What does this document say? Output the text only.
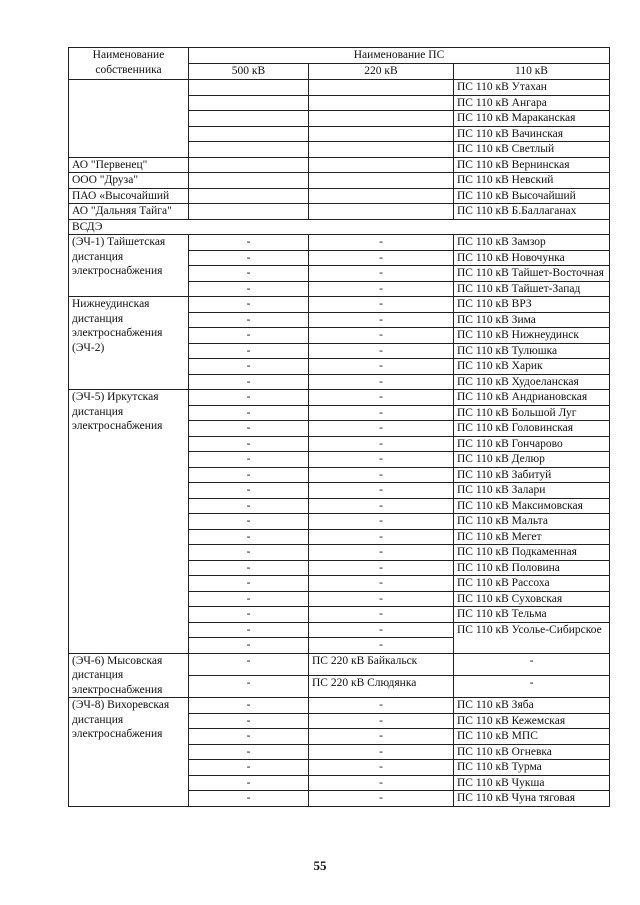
Наименование собственника	Наименование ПС		
	500 кВ	220 кВ	110 кВ
			ПС 110 кВ Утахан
			ПС 110 кВ Ангара
			ПС 110 кВ Мараканская
			ПС 110 кВ Вачинская
			ПС 110 кВ Светлый
АО "Первенец"			ПС 110 кВ Вернинская
ООО "Друза"			ПС 110 кВ Невский
ПАО «Высочайший			ПС 110 кВ Высочайший
АО "Дальняя Тайга"			ПС 110 кВ Б.Баллаганах
ВСДЭ			
(ЭЧ-1) Тайшетская дистанция электроснабжения	-	-	ПС 110 кВ Замзор
	-	-	ПС 110 кВ Новочунка
	-	-	ПС 110 кВ Тайшет-Восточная
	-	-	ПС 110 кВ Тайшет-Запад
Нижнеудинская дистанция электроснабжения (ЭЧ-2)	-	-	ПС 110 кВ ВРЗ
	-	-	ПС 110 кВ Зима
	-	-	ПС 110 кВ Нижнеудинск
	-	-	ПС 110 кВ Тулюшка
	-	-	ПС 110 кВ Харик
	-	-	ПС 110 кВ Худоеланская
(ЭЧ-5) Иркутская дистанция электроснабжения	-	-	ПС 110 кВ Андриановская
	-	-	ПС 110 кВ Большой Луг
	-	-	ПС 110 кВ Головинская
	-	-	ПС 110 кВ Гончарово
	-	-	ПС 110 кВ Делюр
	-	-	ПС 110 кВ Забитуй
	-	-	ПС 110 кВ Залари
	-	-	ПС 110 кВ Максимовская
	-	-	ПС 110 кВ Мальта
	-	-	ПС 110 кВ Мегет
	-	-	ПС 110 кВ Подкаменная
	-	-	ПС 110 кВ Половина
	-	-	ПС 110 кВ Рассоха
	-	-	ПС 110 кВ Суховская
	-	-	ПС 110 кВ Тельма
	-	-	ПС 110 кВ Усолье-Сибирское
	-	-	
(ЭЧ-6) Мысовская дистанция электроснабжения	-	ПС 220 кВ Байкальск	-
	-	ПС 220 кВ Слюдянка	-
(ЭЧ-8) Вихоревская дистанция электроснабжения	-	-	ПС 110 кВ Зяба
	-	-	ПС 110 кВ Кежемская
	-	-	ПС 110 кВ МПС
	-	-	ПС 110 кВ Огневка
	-	-	ПС 110 кВ Турма
	-	-	ПС 110 кВ Чукша
	-	-	ПС 110 кВ Чуна тяговая
55
